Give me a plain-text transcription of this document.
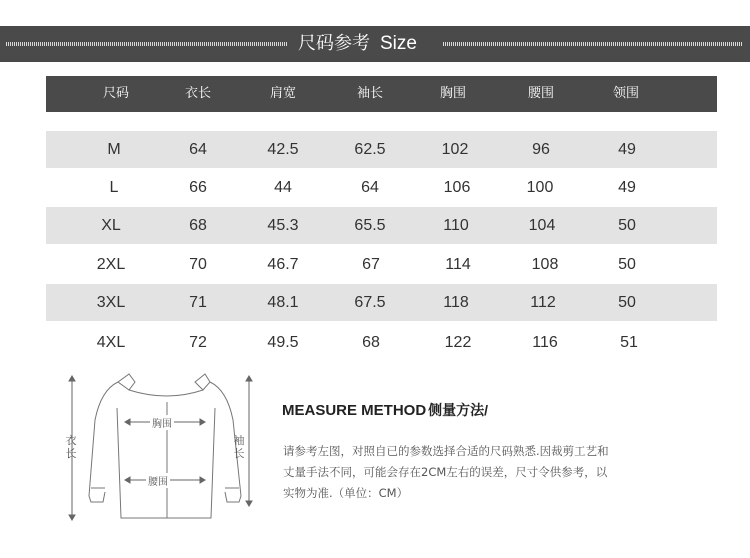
尺码参考 Size
尺码	衣长	肩宽	袖长	胸围	腰围	领围
M	64	42.5	62.5	102	96	49
L	66	44	64	106	100	49
XL	68	45.3	65.5	110	104	50
2XL	70	46.7	67	114	108	50
3XL	71	48.1	67.5	118	112	50
4XL	72	49.5	68	122	116	51
衣长
袖长
胸围
腰围
MEASURE METHOD 侧量方法/
请参考左图，对照自已的参数选择合适的尺码熟悉.因裁剪工艺和
丈量手法不同，可能会存在2CM左右的误差，尺寸令供参考，以
实物为准.（单位：CM）
